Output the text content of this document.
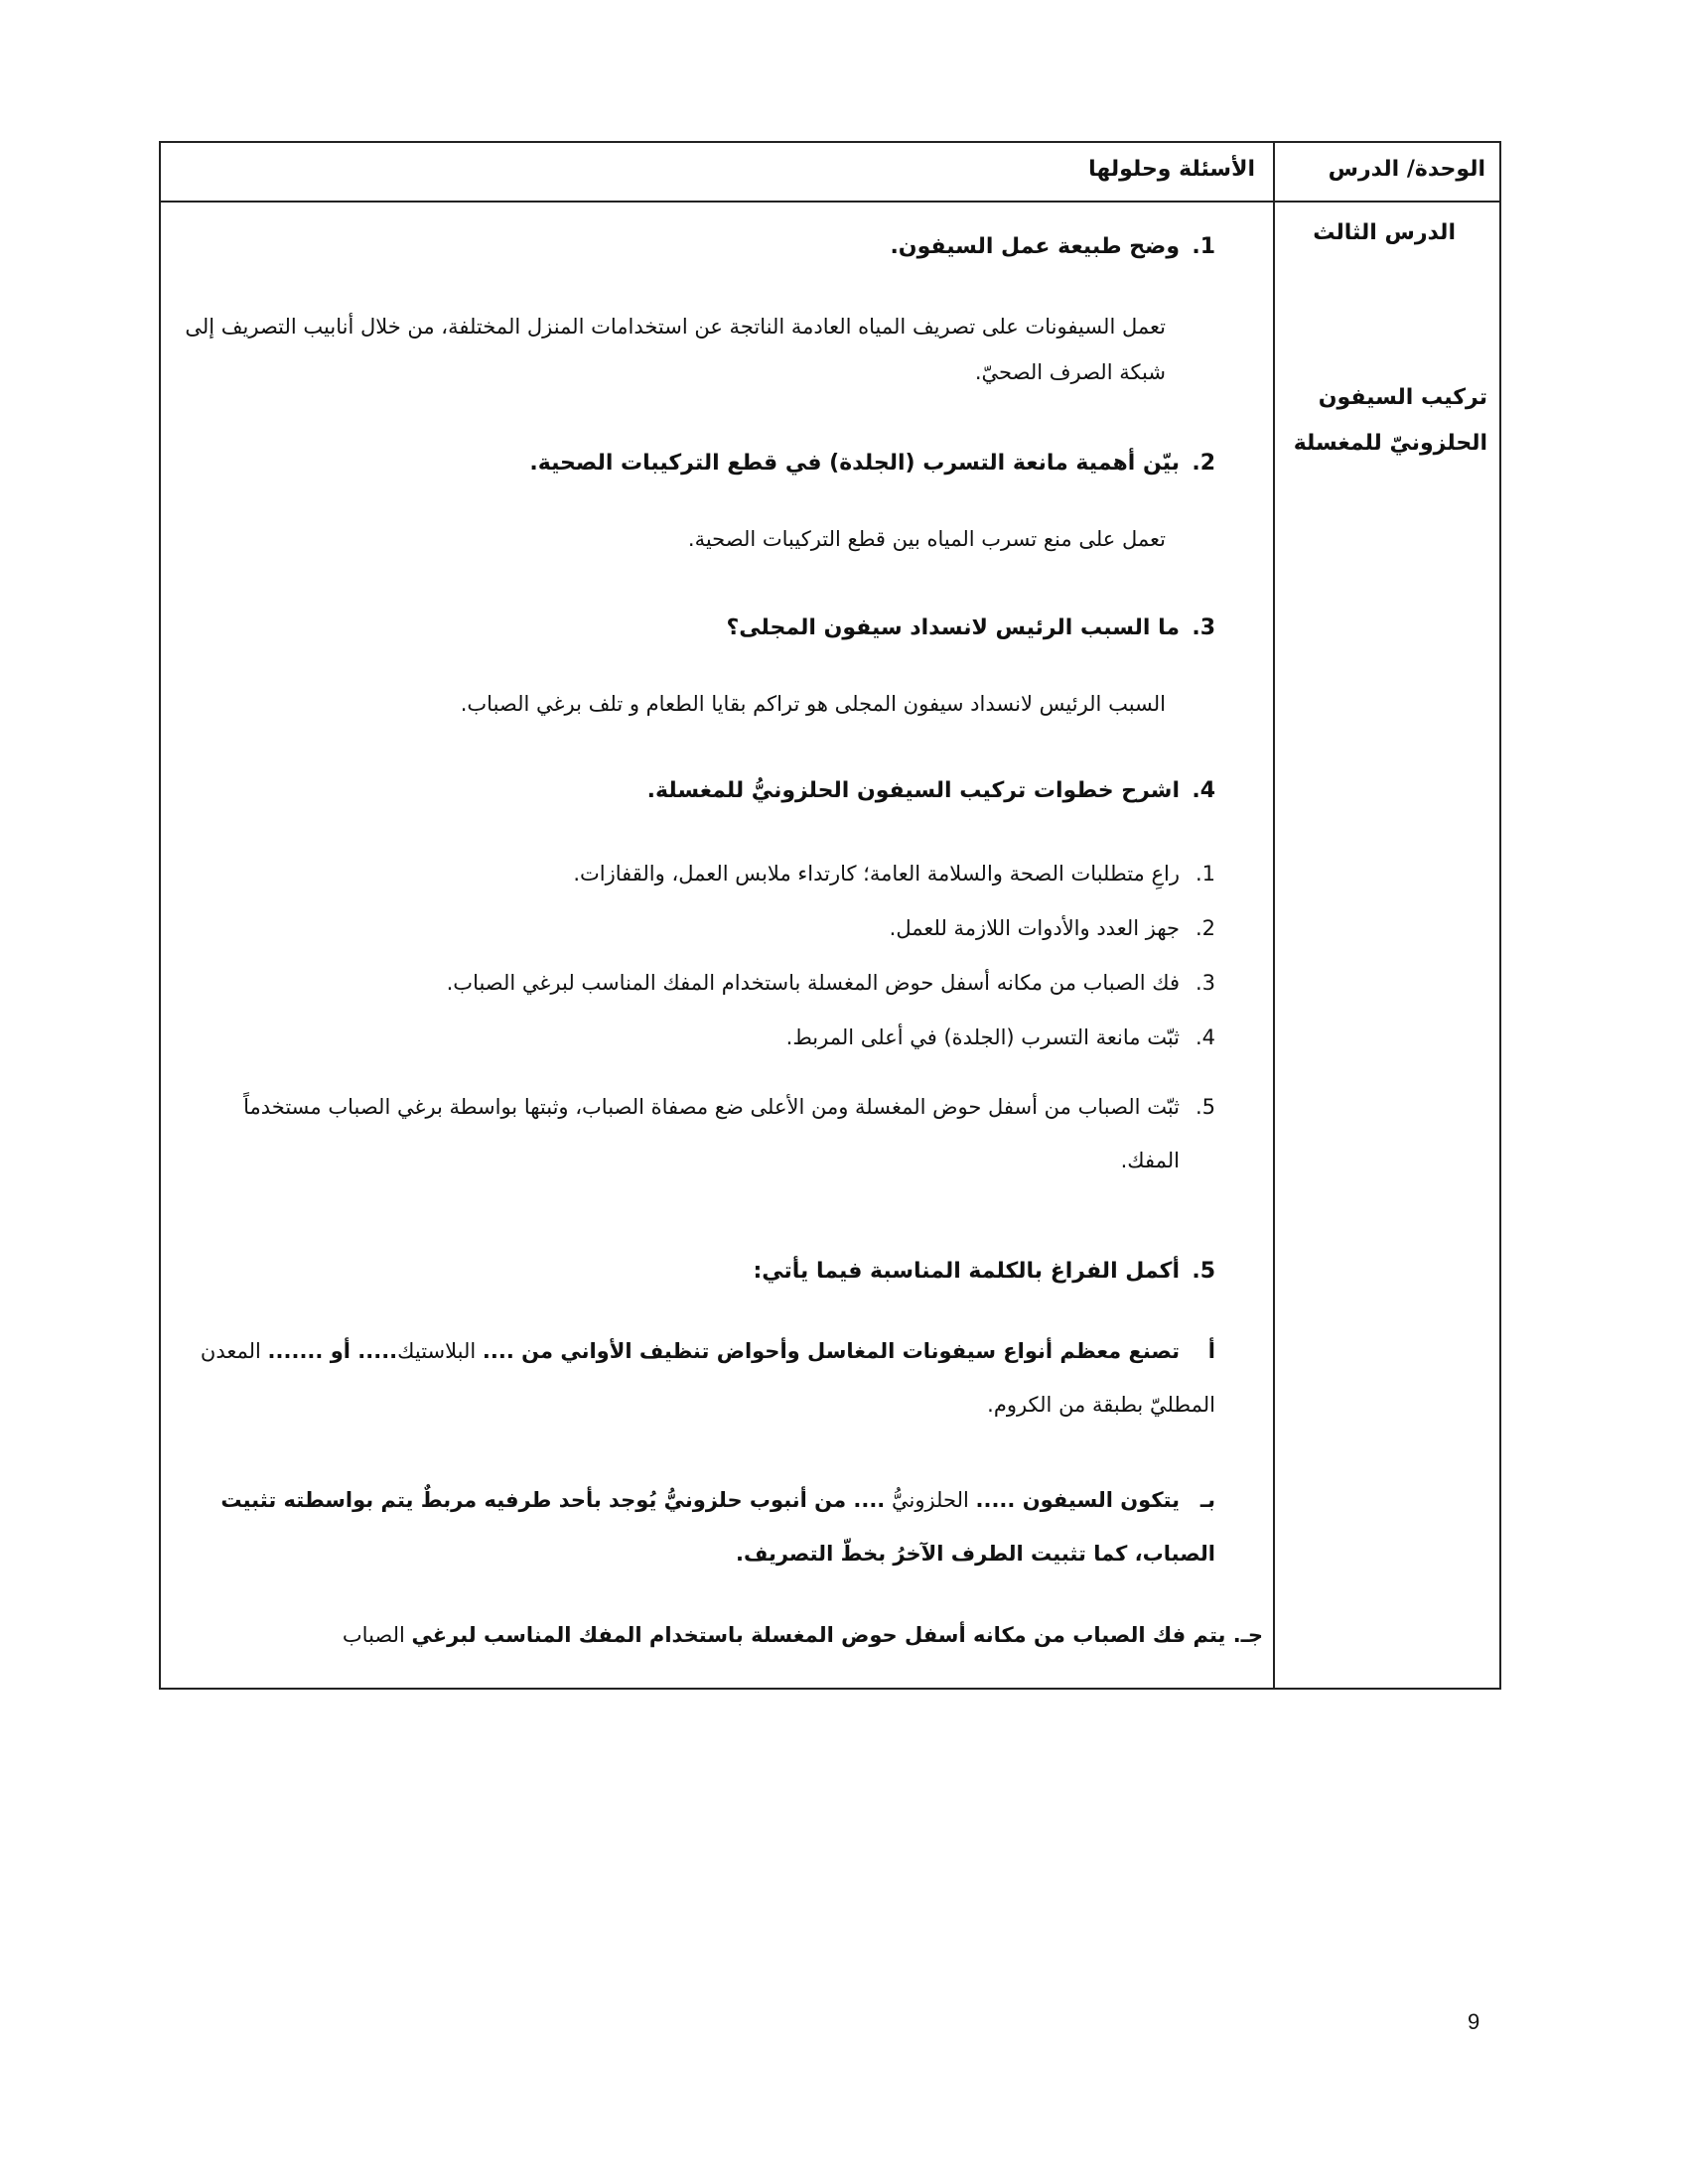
الوحدة/ الدرس
الأسئلة وحلولها
الدرس الثالث
تركيب السيفون الحلزونيّ للمغسلة
1.وضح طبيعة عمل السيفون.
تعمل السيفونات على تصريف المياه العادمة الناتجة عن استخدامات المنزل المختلفة، من خلال أنابيب التصريف إلى شبكة الصرف الصحيّ.
2.بيّن أهمية مانعة التسرب (الجلدة) في قطع التركيبات الصحية.
تعمل على منع تسرب المياه بين قطع التركيبات الصحية.
3.ما السبب الرئيس لانسداد سيفون المجلى؟
السبب الرئيس لانسداد سيفون المجلى هو تراكم بقايا الطعام و تلف برغي الصباب.
4.اشرح خطوات تركيب السيفون الحلزونيُّ للمغسلة.
1.راعِ متطلبات الصحة والسلامة العامة؛ كارتداء ملابس العمل، والقفازات.
2.جهز العدد والأدوات اللازمة للعمل.
3.فك الصباب من مكانه أسفل حوض المغسلة باستخدام المفك المناسب لبرغي الصباب.
4.ثبّت مانعة التسرب (الجلدة) في أعلى المربط.
5.
ثبّت الصباب من أسفل حوض المغسلة ومن الأعلى ضع مصفاة الصباب، وثبتها بواسطة برغي الصباب مستخدماً المفك.
5.أكمل الفراغ بالكلمة المناسبة فيما يأتي:
أتصنع معظم أنواع سيفونات المغاسل وأحواض تنظيف الأواني من .... البلاستيك..... أو ....... المعدن المطليّ بطبقة من الكروم.
بـيتكون السيفون ..... الحلزونيُّ .... من أنبوب حلزونيُّ يُوجد بأحد طرفيه مربطٌ يتم بواسطته تثبيت الصباب، كما تثبيت الطرف الآخرُ بخطّ التصريف.
جـ. يتم فك الصباب من مكانه أسفل حوض المغسلة باستخدام المفك المناسب لبرغي الصباب
9
